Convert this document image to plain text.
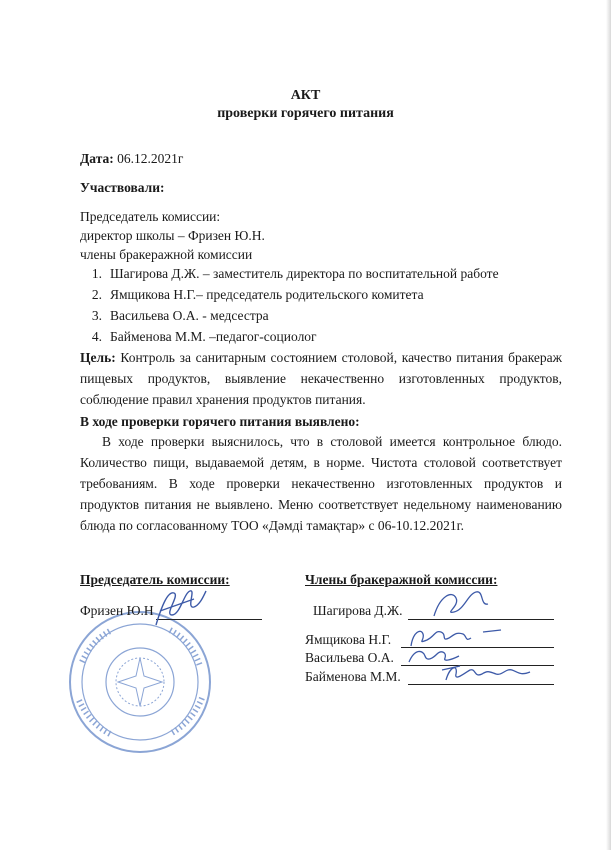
АКТ
проверки горячего питания
Дата: 06.12.2021г
Участвовали:
Председатель комиссии:
директор школы – Фризен Ю.Н.
члены бракеражной комиссии
1. Шагирова Д.Ж. – заместитель директора по воспитательной работе
2. Ямщикова Н.Г.– председатель родительского комитета
3. Васильева О.А. - медсестра
4. Байменова М.М. –педагог-социолог
Цель: Контроль за санитарным состоянием столовой, качество питания бракераж пищевых продуктов, выявление некачественно изготовленных продуктов, соблюдение правил хранения продуктов питания.
В ходе проверки горячего питания выявлено:
В ходе проверки выяснилось, что в столовой имеется контрольное блюдо. Количество пищи, выдаваемой детям, в норме. Чистота столовой соответствует требованиям. В ходе проверки некачественно изготовленных продуктов и продуктов питания не выявлено. Меню соответствует недельному наименованию блюда по согласованному ТОО «Дәмді тамақтар» с 06-10.12.2021г.
Председатель комиссии:	Члены бракеражной комиссии:
Фризен Ю.Н	Шагирова Д.Ж.
Ямщикова Н.Г.
Васильева О.А.
Байменова М.М.
